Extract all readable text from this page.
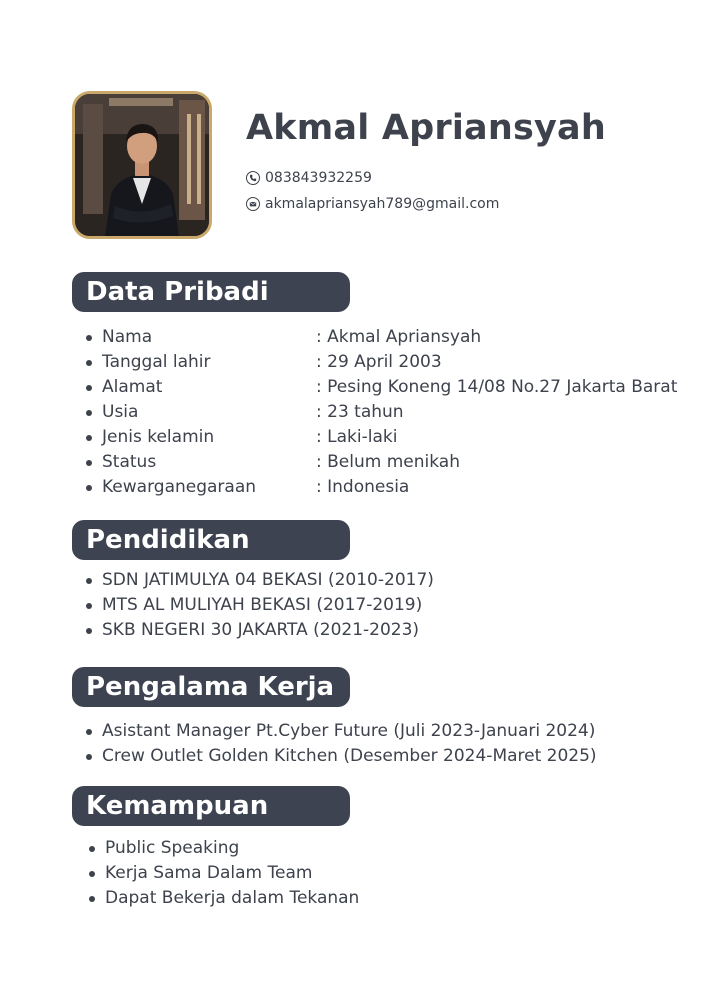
Akmal Apriansyah
083843932259
akmalapriansyah789@gmail.com
Data Pribadi
Nama	: Akmal Apriansyah
Tanggal lahir	: 29 April 2003
Alamat	: Pesing Koneng 14/08 No.27 Jakarta Barat
Usia	: 23 tahun
Jenis kelamin	: Laki-laki
Status	: Belum menikah
Kewarganegaraan	: Indonesia
Pendidikan
SDN JATIMULYA 04 BEKASI (2010-2017)
MTS AL MULIYAH BEKASI (2017-2019)
SKB NEGERI 30 JAKARTA (2021-2023)
Pengalama Kerja
Asistant Manager Pt.Cyber Future (Juli 2023-Januari 2024)
Crew Outlet Golden Kitchen (Desember 2024-Maret 2025)
Kemampuan
Public Speaking
Kerja Sama Dalam Team
Dapat Bekerja dalam Tekanan
